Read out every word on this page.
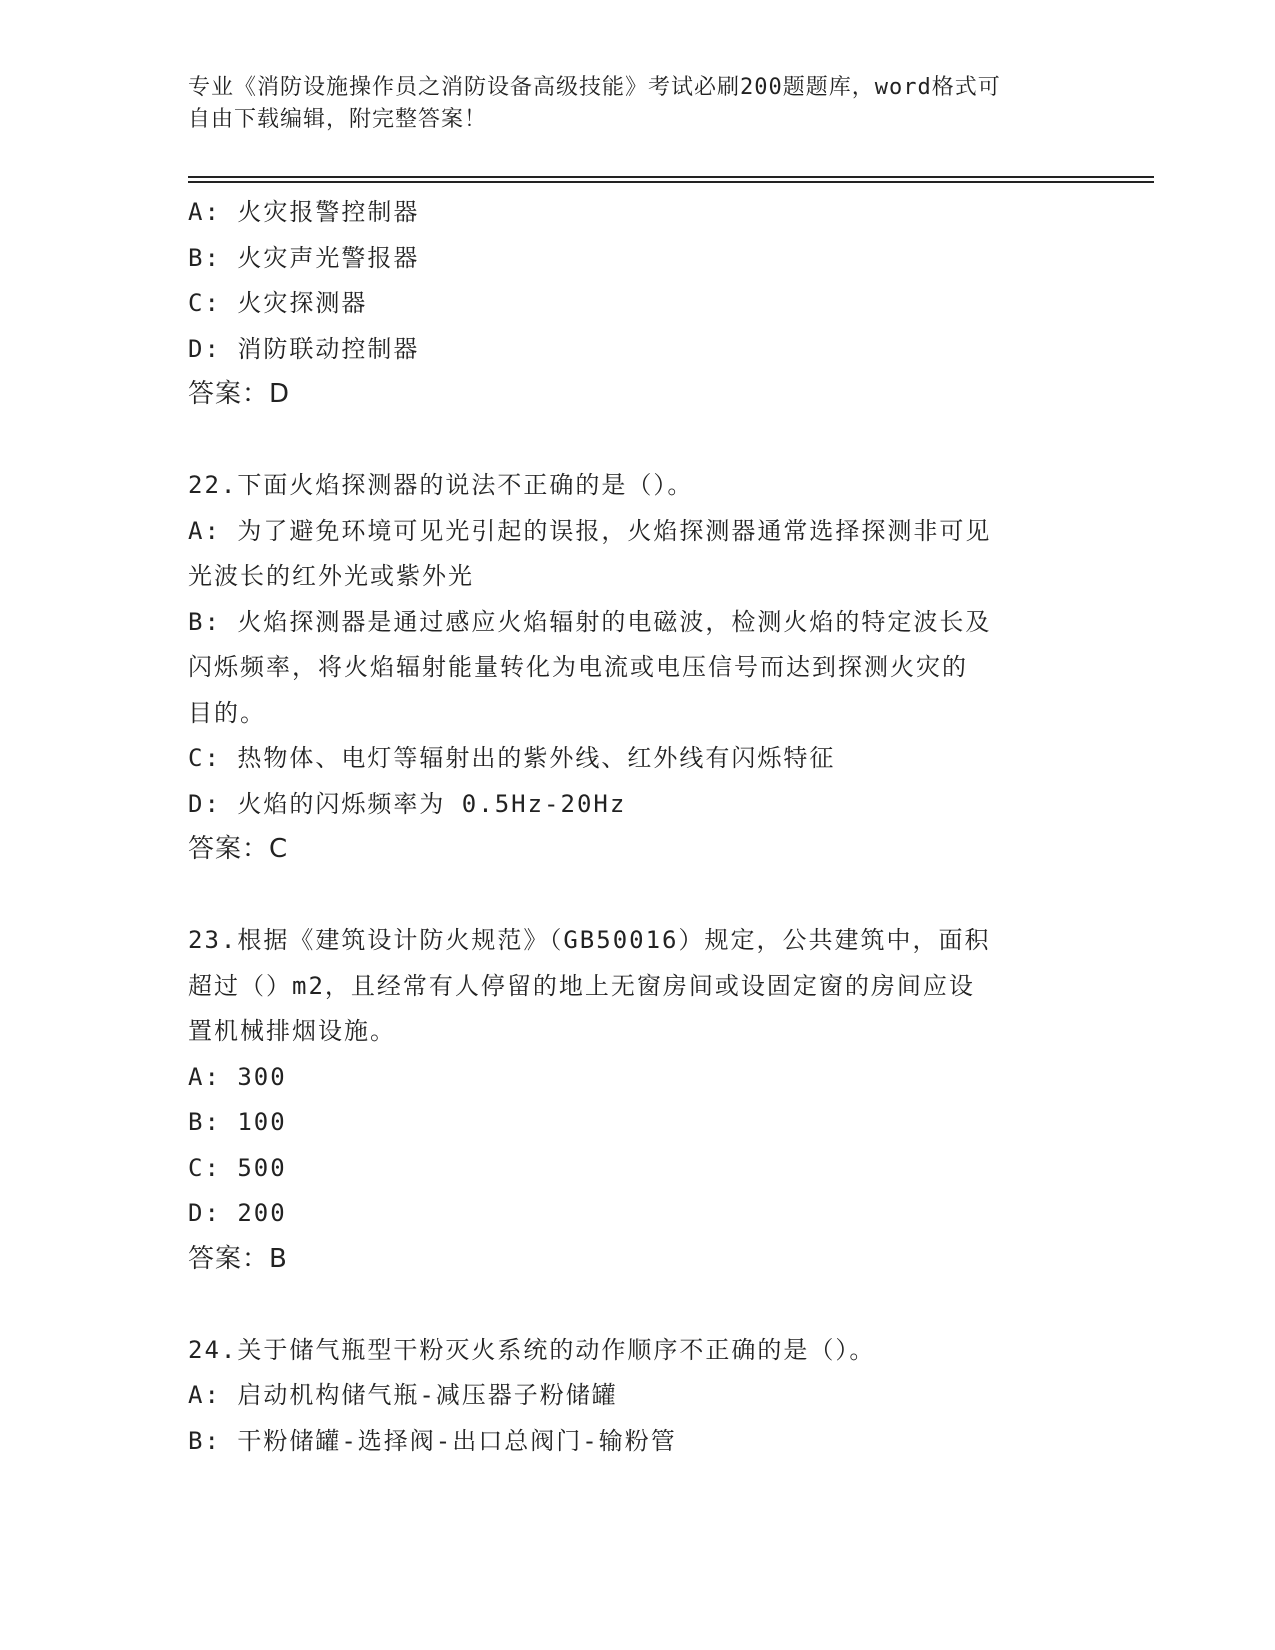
专业《消防设施操作员之消防设备高级技能》考试必刷200题题库，word格式可
自由下载编辑，附完整答案！
A: 火灾报警控制器
B: 火灾声光警报器
C: 火灾探测器
D: 消防联动控制器
答案：D
22.下面火焰探测器的说法不正确的是（）。
A: 为了避免环境可见光引起的误报，火焰探测器通常选择探测非可见
光波长的红外光或紫外光
B: 火焰探测器是通过感应火焰辐射的电磁波，检测火焰的特定波长及
闪烁频率，将火焰辐射能量转化为电流或电压信号而达到探测火灾的
目的。
C: 热物体、电灯等辐射出的紫外线、红外线有闪烁特征
D: 火焰的闪烁频率为 0.5Hz-20Hz
答案：C
23.根据《建筑设计防火规范》（GB50016）规定，公共建筑中，面积
超过（）m2，且经常有人停留的地上无窗房间或设固定窗的房间应设
置机械排烟设施。
A: 300
B: 100
C: 500
D: 200
答案：B
24.关于储气瓶型干粉灭火系统的动作顺序不正确的是（）。
A: 启动机构储气瓶-减压器子粉储罐
B: 干粉储罐-选择阀-出口总阀门-输粉管
